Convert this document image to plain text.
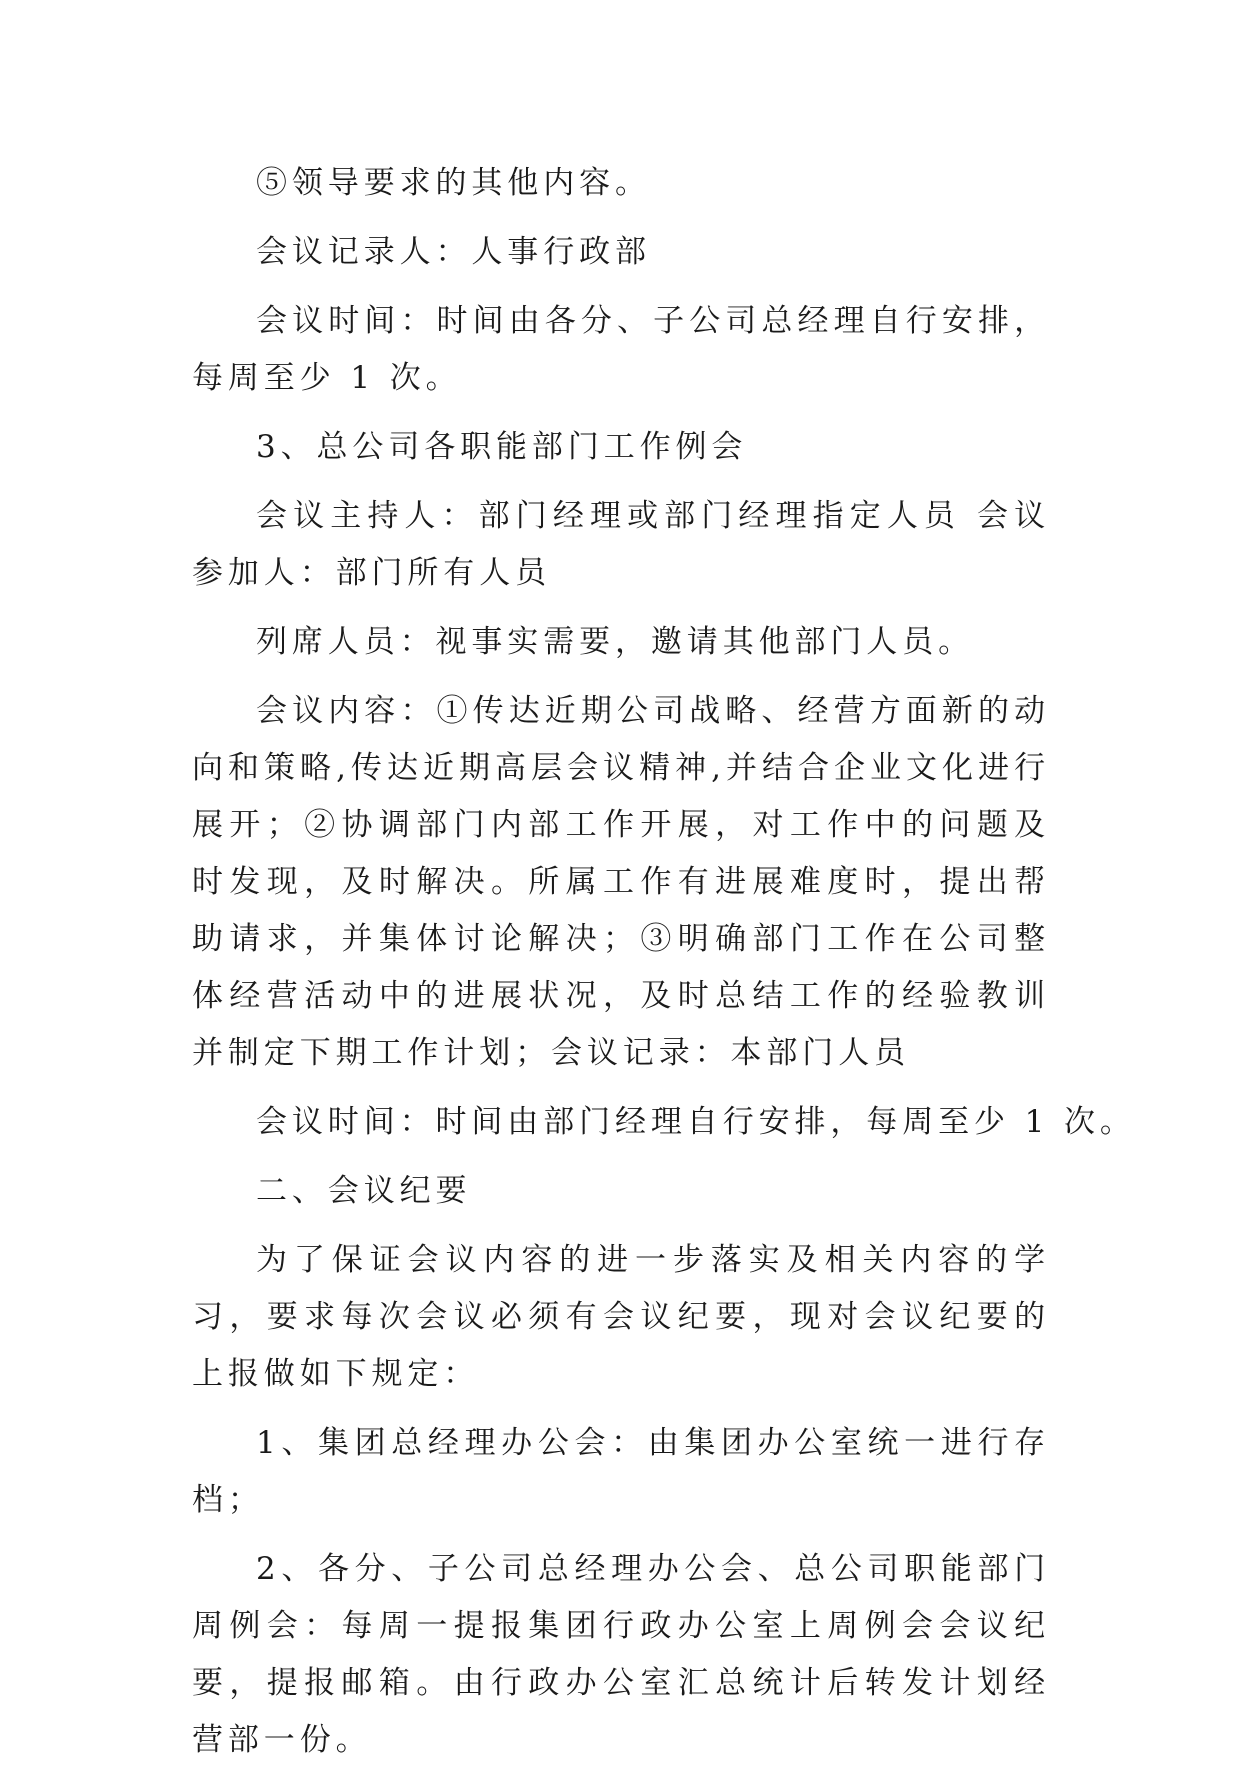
⑤领导要求的其他内容。

会议记录人：人事行政部

会议时间：时间由各分、子公司总经理自行安排，每周至少 1 次。

3、总公司各职能部门工作例会

会议主持人：部门经理或部门经理指定人员 会议参加人：部门所有人员

列席人员：视事实需要，邀请其他部门人员。

会议内容：①传达近期公司战略、经营方面新的动向和策略,传达近期高层会议精神,并结合企业文化进行展开；②协调部门内部工作开展，对工作中的问题及时发现，及时解决。所属工作有进展难度时，提出帮助请求，并集体讨论解决；③明确部门工作在公司整体经营活动中的进展状况，及时总结工作的经验教训并制定下期工作计划；会议记录：本部门人员

会议时间：时间由部门经理自行安排，每周至少 1 次。

二、会议纪要

为了保证会议内容的进一步落实及相关内容的学习，要求每次会议必须有会议纪要，现对会议纪要的上报做如下规定：

1、集团总经理办公会：由集团办公室统一进行存档；

2、各分、子公司总经理办公会、总公司职能部门周例会：每周一提报集团行政办公室上周例会会议纪要，提报邮箱。由行政办公室汇总统计后转发计划经营部一份。
